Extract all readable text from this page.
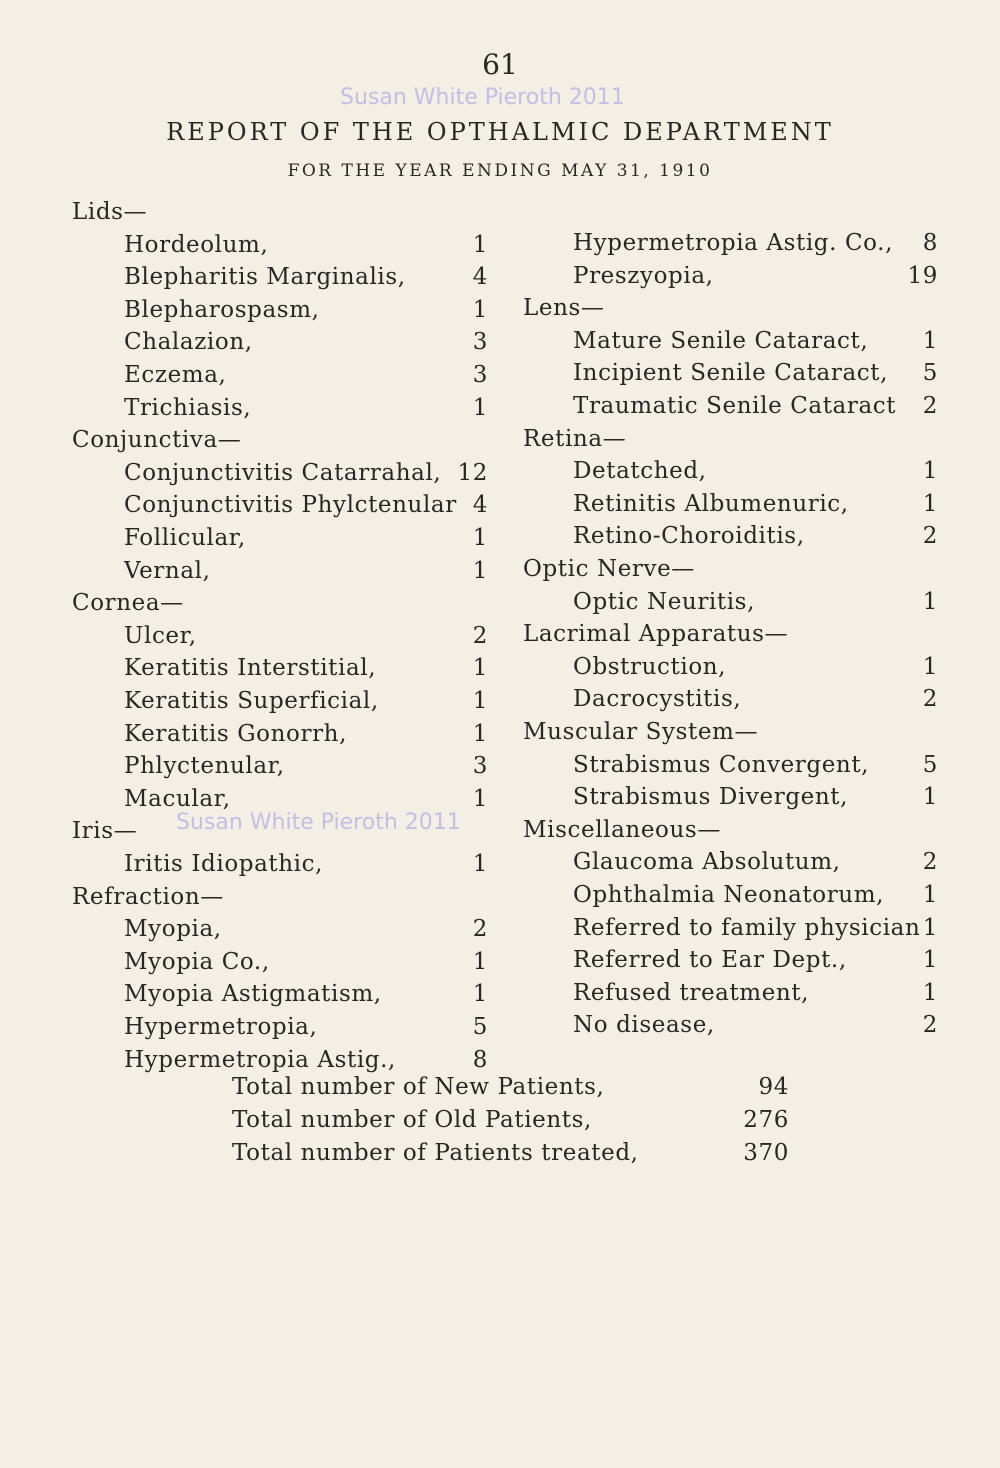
61
Susan White Pieroth 2011
REPORT OF THE OPTHALMIC DEPARTMENT
FOR THE YEAR ENDING MAY 31, 1910
Lids—
Hordeolum,	1
Blepharitis Marginalis,	4
Blepharospasm,	1
Chalazion,	3
Eczema,	3
Trichiasis,	1
Conjunctiva—
Conjunctivitis Catarrahal, 12
Conjunctivitis Phylctenular 4
Follicular,	1
Vernal,	1
Cornea—
Ulcer,	2
Keratitis Interstitial,	1
Keratitis Superficial,	1
Keratitis Gonorrh,	1
Phlyctenular,	3
Macular,	1
Iris—
Iritis Idiopathic,	1
Refraction—
Myopia,	2
Myopia Co.,	1
Myopia Astigmatism,	1
Hypermetropia,	5
Hypermetropia Astig.,	8
Hypermetropia Astig. Co., 8
Preszyopia,	19
Lens—
Mature Senile Cataract, 1
Incipient Senile Cataract, 5
Traumatic Senile Cataract 2
Retina—
Detatched,	1
Retinitis Albumenuric,	1
Retino-Choroiditis,	2
Optic Nerve—
Optic Neuritis,	1
Lacrimal Apparatus—
Obstruction,	1
Dacrocystitis,	2
Muscular System—
Strabismus Convergent, 5
Strabismus Divergent,	1
Miscellaneous—
Glaucoma Absolutum,	2
Ophthalmia Neonatorum, 1
Referred to family physician 1
Referred to Ear Dept.,	1
Refused treatment,	1
No disease,	2
Total number of New Patients,	94
Total number of Old Patients,	276
Total number of Patients treated,	370
Susan White Pieroth 2011
